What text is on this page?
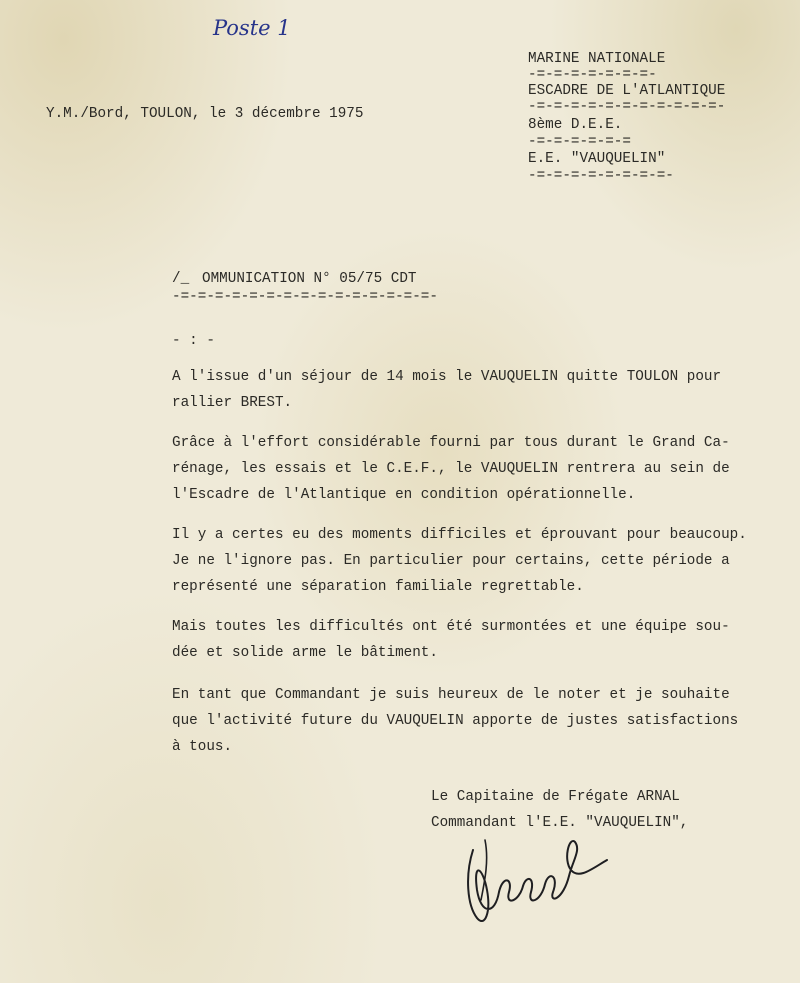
Poste 1
Y.M./Bord, TOULON, le 3 décembre 1975
MARINE NATIONALE
-=-=-=-=-=-=-=-
ESCADRE DE L'ATLANTIQUE
-=-=-=-=-=-=-=-=-=-=-=-
8ème D.E.E.
-=-=-=-=-=-=
E.E. "VAUQUELIN"
-=-=-=-=-=-=-=-=-
/_ OMMUNICATION N° 05/75 CDT
-=-=-=-=-=-=-=-=-=-=-=-=-=-=-=-
- : -
A l'issue d'un séjour de 14 mois le VAUQUELIN quitte TOULON pour
rallier BREST.
Grâce à l'effort considérable fourni par tous durant le Grand Ca-
rénage, les essais et le C.E.F., le VAUQUELIN rentrera au sein de
l'Escadre de l'Atlantique en condition opérationnelle.
Il y a certes eu des moments difficiles et éprouvant pour beaucoup.
Je ne l'ignore pas. En particulier pour certains, cette période a
représenté une séparation familiale regrettable.
Mais toutes les difficultés ont été surmontées et une équipe sou-
dée et solide arme le bâtiment.
En tant que Commandant je suis heureux de le noter et je souhaite
que l'activité future du VAUQUELIN apporte de justes satisfactions
à tous.
Le Capitaine de Frégate ARNAL
Commandant l'E.E. "VAUQUELIN",
